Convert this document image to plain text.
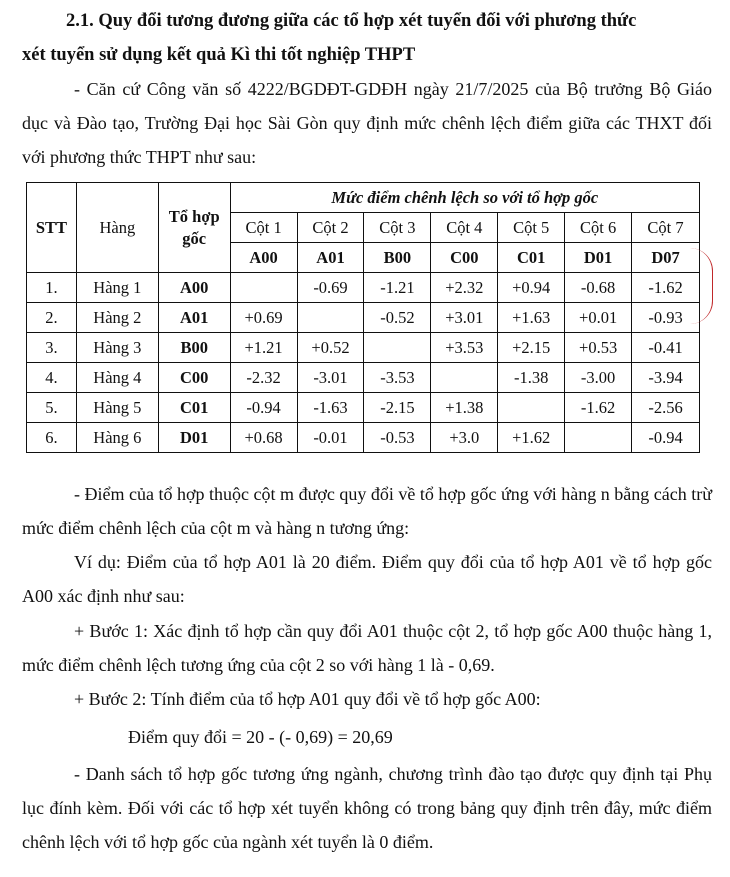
2.1. Quy đổi tương đương giữa các tổ hợp xét tuyển đối với phương thức
xét tuyển sử dụng kết quả Kì thi tốt nghiệp THPT
- Căn cứ Công văn số 4222/BGDĐT-GDĐH ngày 21/7/2025 của Bộ trưởng Bộ Giáo dục và Đào tạo, Trường Đại học Sài Gòn quy định mức chênh lệch điểm giữa các THXT đối với phương thức THPT như sau:
STT	Hàng	Tổ hợp gốc	Mức điểm chênh lệch so với tổ hợp gốc						
			Cột 1	Cột 2	Cột 3	Cột 4	Cột 5	Cột 6	Cột 7
			A00	A01	B00	C00	C01	D01	D07
1.	Hàng 1	A00		-0.69	-1.21	+2.32	+0.94	-0.68	-1.62
2.	Hàng 2	A01	+0.69		-0.52	+3.01	+1.63	+0.01	-0.93
3.	Hàng 3	B00	+1.21	+0.52		+3.53	+2.15	+0.53	-0.41
4.	Hàng 4	C00	-2.32	-3.01	-3.53		-1.38	-3.00	-3.94
5.	Hàng 5	C01	-0.94	-1.63	-2.15	+1.38		-1.62	-2.56
6.	Hàng 6	D01	+0.68	-0.01	-0.53	+3.0	+1.62		-0.94
- Điểm của tổ hợp thuộc cột m được quy đổi về tổ hợp gốc ứng với hàng n bằng cách trừ mức điểm chênh lệch của cột m và hàng n tương ứng:
Ví dụ: Điểm của tổ hợp A01 là 20 điểm. Điểm quy đổi của tổ hợp A01 về tổ hợp gốc A00 xác định như sau:
+ Bước 1: Xác định tổ hợp cần quy đổi A01 thuộc cột 2, tổ hợp gốc A00 thuộc hàng 1, mức điểm chênh lệch tương ứng của cột 2 so với hàng 1 là - 0,69.
+ Bước 2: Tính điểm của tổ hợp A01 quy đổi về tổ hợp gốc A00:
Điểm quy đổi = 20 - (- 0,69) = 20,69
- Danh sách tổ hợp gốc tương ứng ngành, chương trình đào tạo được quy định tại Phụ lục đính kèm. Đối với các tổ hợp xét tuyển không có trong bảng quy định trên đây, mức điểm chênh lệch với tổ hợp gốc của ngành xét tuyển là 0 điểm.
